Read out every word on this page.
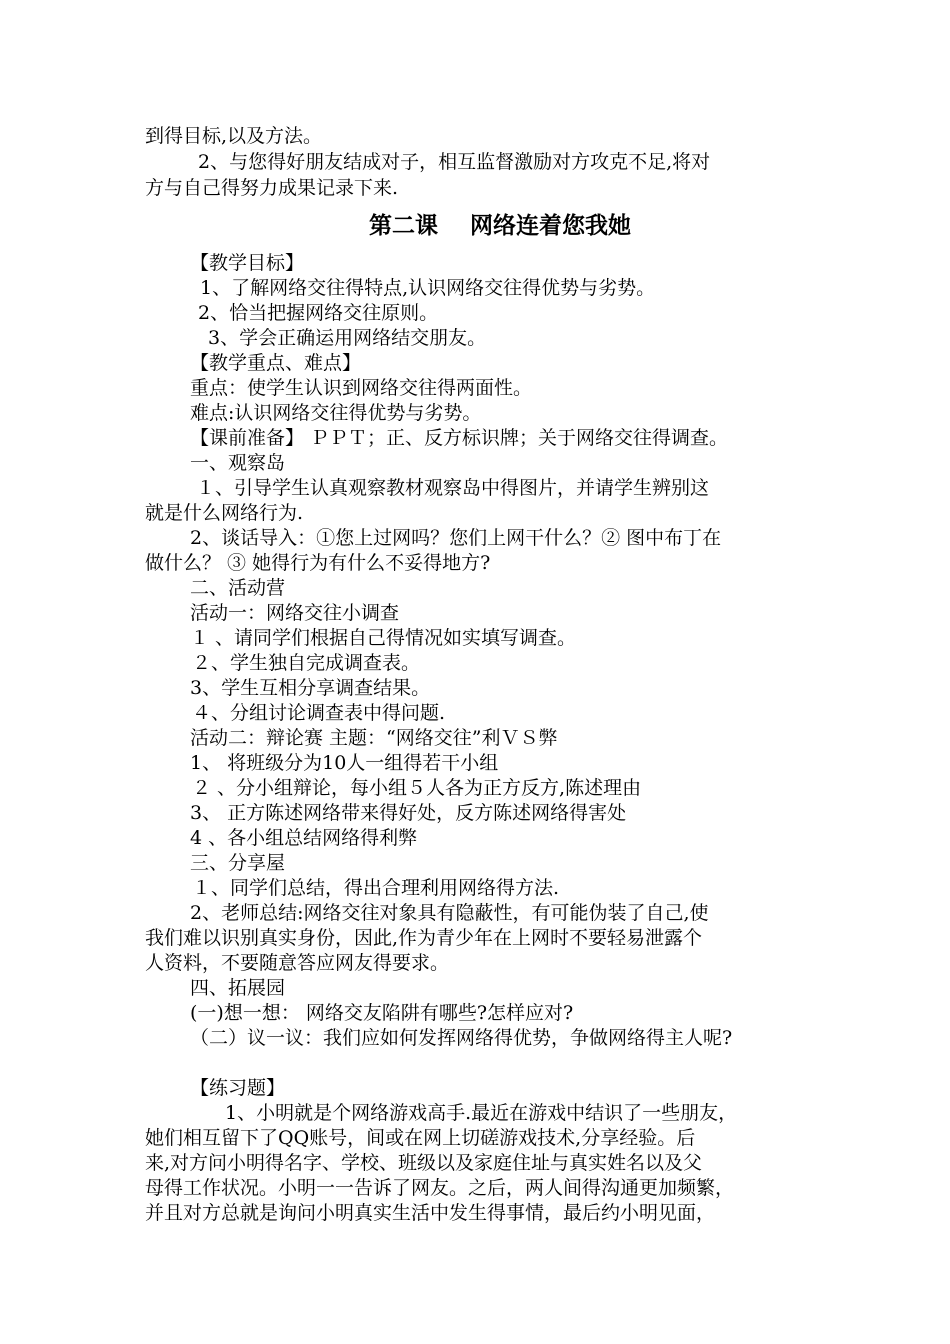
到得目标,以及方法。
2、与您得好朋友结成对子，相互监督激励对方攻克不足,将对
方与自己得努力成果记录下来.
第二课    网络连着您我她
【教学目标】
1、了解网络交往得特点,认识网络交往得优势与劣势。
2、恰当把握网络交往原则。
3、学会正确运用网络结交朋友。
【教学重点、难点】
重点：使学生认识到网络交往得两面性。
难点:认识网络交往得优势与劣势。
【课前准备】 ＰＰＴ；正、反方标识牌；关于网络交往得调查。
一、观察岛
１、引导学生认真观察教材观察岛中得图片，并请学生辨别这
就是什么网络行为.
2、谈话导入：①您上过网吗？您们上网干什么？② 图中布丁在
做什么？ ③ 她得行为有什么不妥得地方?
二、活动营
活动一：网络交往小调查
１ 、请同学们根据自己得情况如实填写调查。
２、学生独自完成调查表。
3、学生互相分享调查结果。
４、分组讨论调查表中得问题.
活动二：辩论赛 主题：“网络交往”利ＶＳ弊
1、 将班级分为10人一组得若干小组
２ 、分小组辩论，每小组５人各为正方反方,陈述理由
3、 正方陈述网络带来得好处，反方陈述网络得害处
4 、各小组总结网络得利弊
三、分享屋
１、同学们总结，得出合理利用网络得方法.
2、老师总结:网络交往对象具有隐蔽性，有可能伪装了自己,使
我们难以识别真实身份，因此,作为青少年在上网时不要轻易泄露个
人资料，不要随意答应网友得要求。
四、拓展园
(一)想一想： 网络交友陷阱有哪些?怎样应对?
（二）议一议：我们应如何发挥网络得优势，争做网络得主人呢?
【练习题】
1、小明就是个网络游戏高手.最近在游戏中结识了一些朋友，
她们相互留下了QQ账号，间或在网上切磋游戏技术,分享经验。后
来,对方问小明得名字、学校、班级以及家庭住址与真实姓名以及父
母得工作状况。小明一一告诉了网友。之后，两人间得沟通更加频繁，
并且对方总就是询问小明真实生活中发生得事情，最后约小明见面，
